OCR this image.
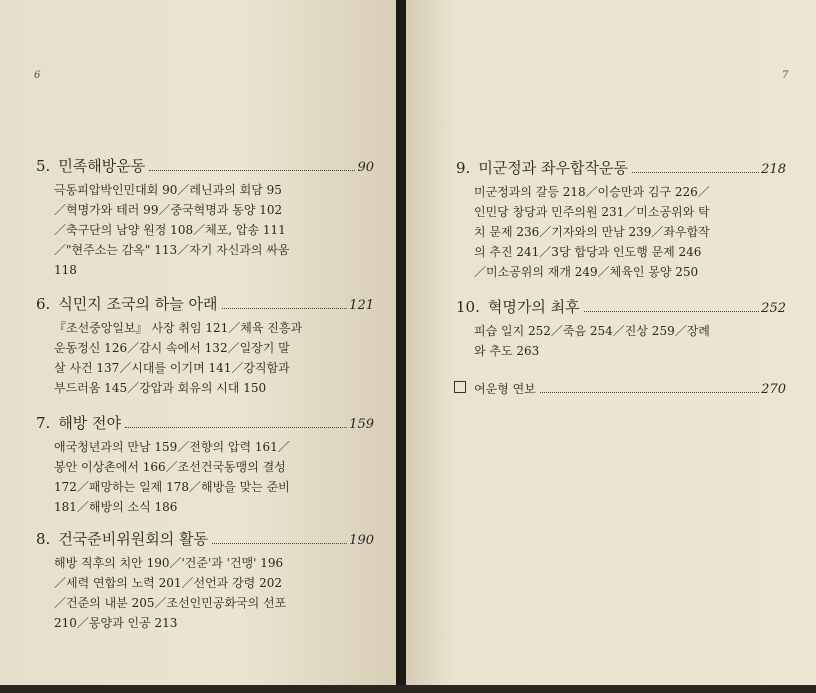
6
5. 민족해방운동	90
극동피압박인민대회 90／레닌과의 회담 95
／혁명가와 테러 99／중국혁명과 동양 102
／축구단의 남양 원정 108／체포, 압송 111
／"현주소는 감옥" 113／자기 자신과의 싸움
118
6. 식민지 조국의 하늘 아래	121
『조선중앙일보』 사장 취임 121／체육 진흥과
운동정신 126／감시 속에서 132／일장기 말
살 사건 137／시대를 이기며 141／강직함과
부드러움 145／강압과 회유의 시대 150
7. 해방 전야	159
애국청년과의 만남 159／전향의 압력 161／
봉안 이상촌에서 166／조선건국동맹의 결성
172／패망하는 일제 178／해방을 맞는 준비
181／해방의 소식 186
8. 건국준비위원회의 활동	190
해방 직후의 치안 190／'건준'과 '건맹' 196
／세력 연합의 노력 201／선언과 강령 202
／건준의 내분 205／조선인민공화국의 선포
210／몽양과 인공 213
7
9. 미군정과 좌우합작운동	218
미군정과의 갈등 218／이승만과 김구 226／
인민당 창당과 민주의원 231／미소공위와 탁
치 문제 236／기자와의 만남 239／좌우합작
의 추진 241／3당 합당과 인도행 문제 246
／미소공위의 재개 249／체육인 몽양 250
10. 혁명가의 최후	252
피습 일지 252／죽음 254／진상 259／장례
와 추도 263
여운형 연보	270
